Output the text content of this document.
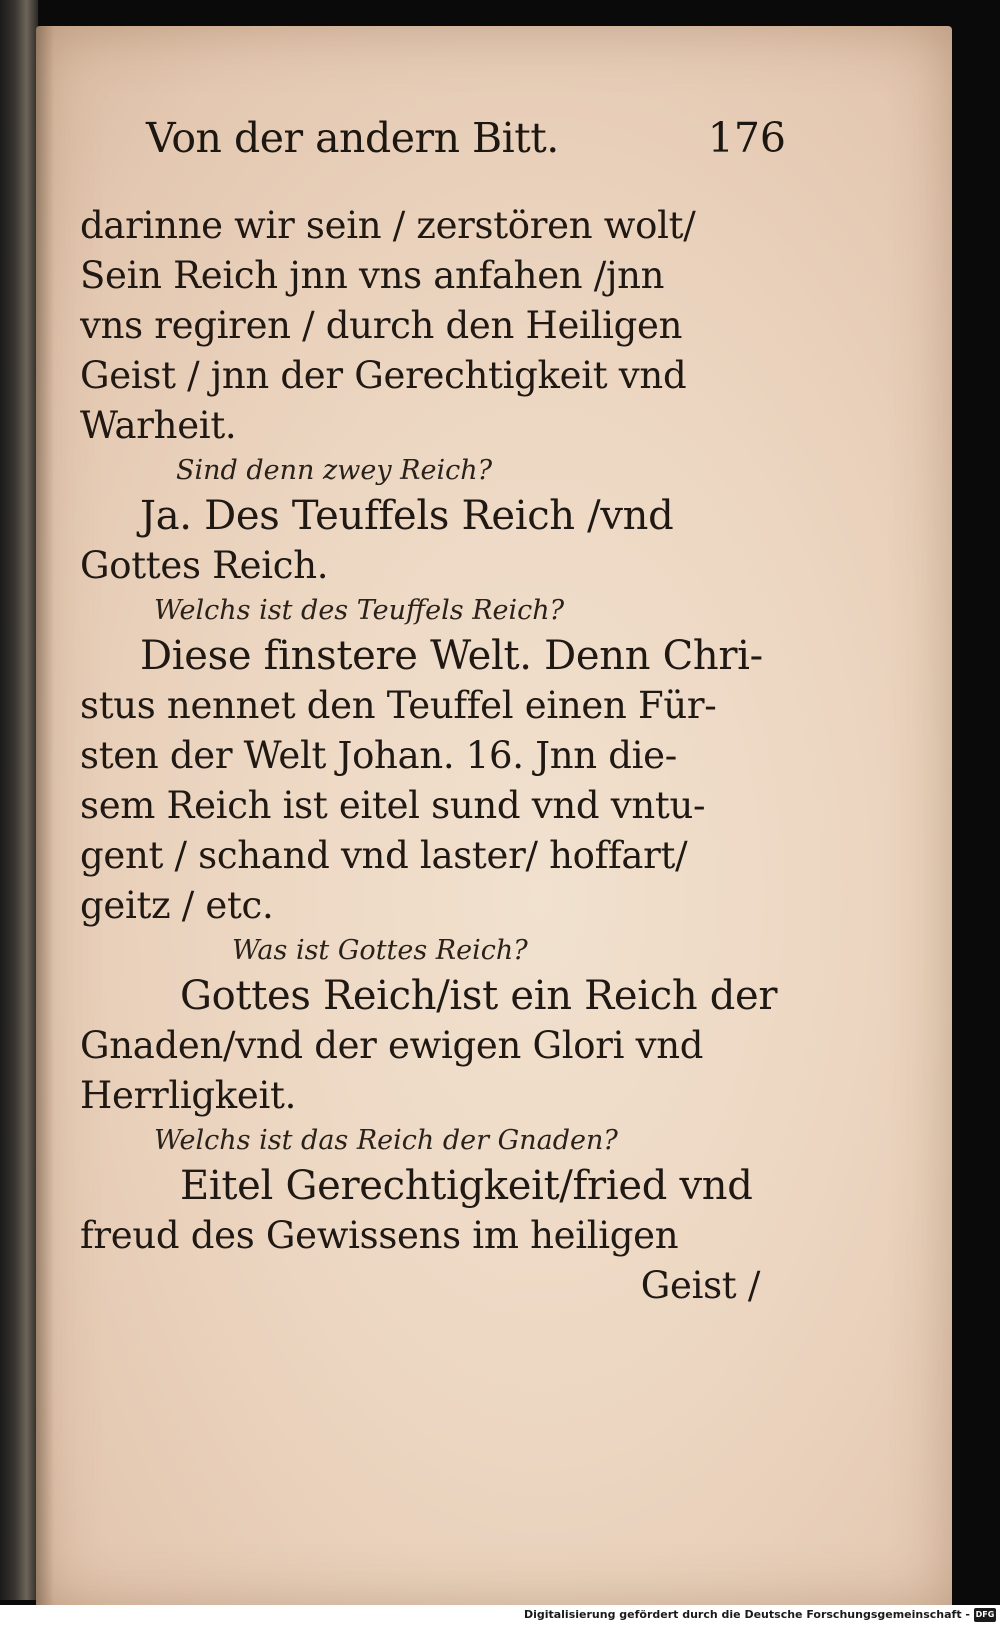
Von der andern Bitt.	176
darinne wir sein / zerstören wolt/
Sein Reich jnn vns anfahen /jnn
vns regiren / durch den Heiligen
Geist / jnn der Gerechtigkeit vnd
Warheit.
Sind denn zwey Reich?
Ja. Des Teuffels Reich /vnd
Gottes Reich.
Welchs ist des Teuffels Reich?
Diese finstere Welt. Denn Chri-
stus nennet den Teuffel einen Für-
sten der Welt Johan. 16. Jnn die-
sem Reich ist eitel sund vnd vntu-
gent / schand vnd laster/ hoffart/
geitz / etc.
Was ist Gottes Reich?
Gottes Reich/ist ein Reich der
Gnaden/vnd der ewigen Glori vnd
Herrligkeit.
Welchs ist das Reich der Gnaden?
Eitel Gerechtigkeit/fried vnd
freud des Gewissens im heiligen
Geist /
Digitalisierung gefördert durch die Deutsche Forschungsgemeinschaft - DFG
